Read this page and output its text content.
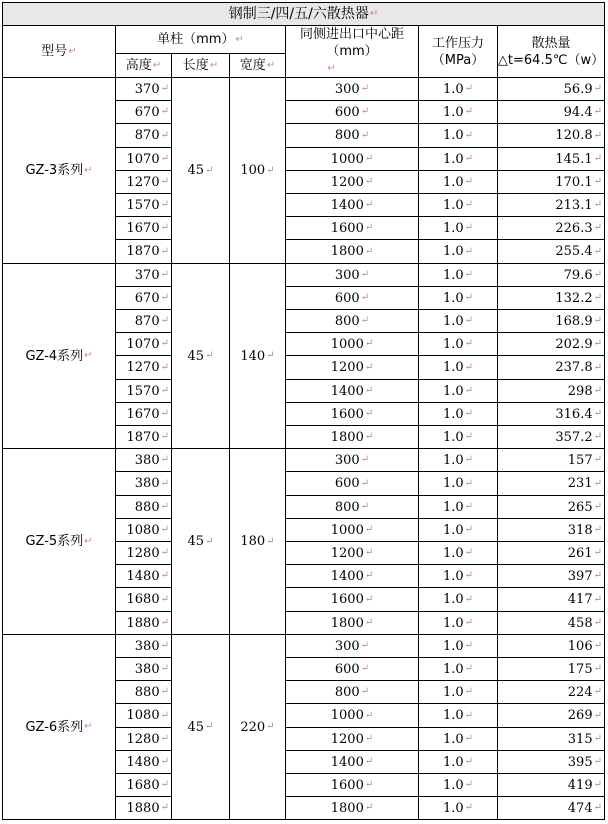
钢制三/四/五/六散热器 ↵
型号 ↵
单柱（mm） ↵
高度 ↵ 长度 ↵ 宽度 ↵
同侧进出口中心距
（mm）
↵
工作压力
（MPa）
散热量
△t=64.5℃（w）
GZ-3系列 ↵	45 ↵ 100 ↵
370 ↵	300 ↵	1.0 ↵	56.9 ↵
670 ↵	600 ↵	1.0 ↵	94.4 ↵
870 ↵	800 ↵	1.0 ↵	120.8 ↵
1070 ↵	1000 ↵	1.0 ↵	145.1 ↵
1270 ↵	1200 ↵	1.0 ↵	170.1 ↵
1570 ↵	1400 ↵	1.0 ↵	213.1 ↵
1670 ↵	1600 ↵	1.0 ↵	226.3 ↵
1870 ↵	1800 ↵	1.0 ↵	255.4 ↵
GZ-4系列 ↵	45 ↵ 140 ↵
370 ↵	300 ↵	1.0 ↵	79.6 ↵
670 ↵	600 ↵	1.0 ↵	132.2 ↵
870 ↵	800 ↵	1.0 ↵	168.9 ↵
1070 ↵	1000 ↵	1.0 ↵	202.9 ↵
1270 ↵	1200 ↵	1.0 ↵	237.8 ↵
1570 ↵	1400 ↵	1.0 ↵	298 ↵
1670 ↵	1600 ↵	1.0 ↵	316.4 ↵
1870 ↵	1800 ↵	1.0 ↵	357.2 ↵
GZ-5系列 ↵	45 ↵ 180 ↵
380 ↵	300 ↵	1.0 ↵	157 ↵
380 ↵	600 ↵	1.0 ↵	231 ↵
880 ↵	800 ↵	1.0 ↵	265 ↵
1080 ↵	1000 ↵	1.0 ↵	318 ↵
1280 ↵	1200 ↵	1.0 ↵	261 ↵
1480 ↵	1400 ↵	1.0 ↵	397 ↵
1680 ↵	1600 ↵	1.0 ↵	417 ↵
1880 ↵	1800 ↵	1.0 ↵	458 ↵
GZ-6系列 ↵	45 ↵ 220 ↵
380 ↵	300 ↵	1.0 ↵	106 ↵
380 ↵	600 ↵	1.0 ↵	175 ↵
880 ↵	800 ↵	1.0 ↵	224 ↵
1080 ↵	1000 ↵	1.0 ↵	269 ↵
1280 ↵	1200 ↵	1.0 ↵	315 ↵
1480 ↵	1400 ↵	1.0 ↵	395 ↵
1680 ↵	1600 ↵	1.0 ↵	419 ↵
1880 ↵	1800 ↵	1.0 ↵	474 ↵
